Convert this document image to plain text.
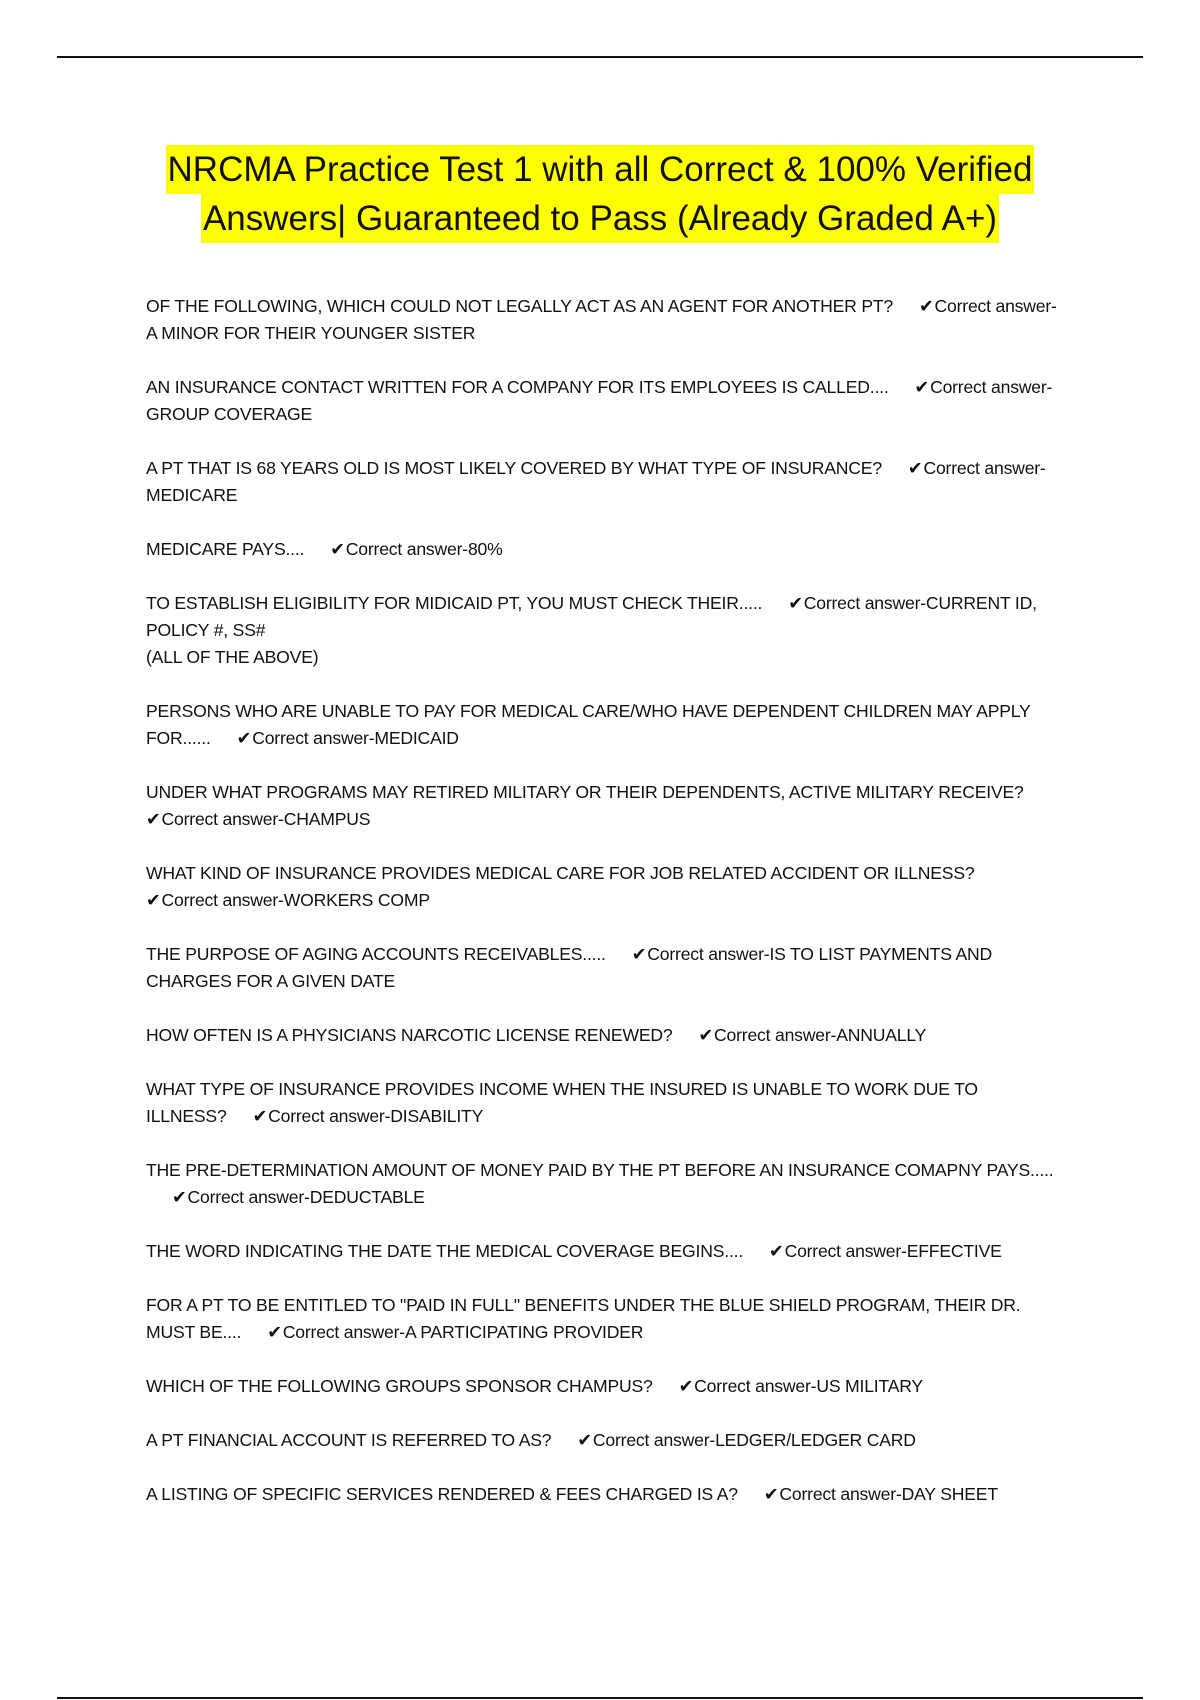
NRCMA Practice Test 1 with all Correct & 100% Verified
Answers| Guaranteed to Pass (Already Graded A+)
OF THE FOLLOWING, WHICH COULD NOT LEGALLY ACT AS AN AGENT FOR ANOTHER PT? ✔Correct answer-A MINOR FOR THEIR YOUNGER SISTER
AN INSURANCE CONTACT WRITTEN FOR A COMPANY FOR ITS EMPLOYEES IS CALLED.... ✔Correct answer-GROUP COVERAGE
A PT THAT IS 68 YEARS OLD IS MOST LIKELY COVERED BY WHAT TYPE OF INSURANCE? ✔Correct answer-MEDICARE
MEDICARE PAYS.... ✔Correct answer-80%
TO ESTABLISH ELIGIBILITY FOR MIDICAID PT, YOU MUST CHECK THEIR..... ✔Correct answer-CURRENT ID, POLICY #, SS#
(ALL OF THE ABOVE)
PERSONS WHO ARE UNABLE TO PAY FOR MEDICAL CARE/WHO HAVE DEPENDENT CHILDREN MAY APPLY FOR...... ✔Correct answer-MEDICAID
UNDER WHAT PROGRAMS MAY RETIRED MILITARY OR THEIR DEPENDENTS, ACTIVE MILITARY RECEIVE?✔Correct answer-CHAMPUS
WHAT KIND OF INSURANCE PROVIDES MEDICAL CARE FOR JOB RELATED ACCIDENT OR ILLNESS?✔Correct answer-WORKERS COMP
THE PURPOSE OF AGING ACCOUNTS RECEIVABLES..... ✔Correct answer-IS TO LIST PAYMENTS AND CHARGES FOR A GIVEN DATE
HOW OFTEN IS A PHYSICIANS NARCOTIC LICENSE RENEWED? ✔Correct answer-ANNUALLY
WHAT TYPE OF INSURANCE PROVIDES INCOME WHEN THE INSURED IS UNABLE TO WORK DUE TO ILLNESS? ✔Correct answer-DISABILITY
THE PRE-DETERMINATION AMOUNT OF MONEY PAID BY THE PT BEFORE AN INSURANCE COMAPNY PAYS.....✔Correct answer-DEDUCTABLE
THE WORD INDICATING THE DATE THE MEDICAL COVERAGE BEGINS.... ✔Correct answer-EFFECTIVE
FOR A PT TO BE ENTITLED TO "PAID IN FULL" BENEFITS UNDER THE BLUE SHIELD PROGRAM, THEIR DR. MUST BE.... ✔Correct answer-A PARTICIPATING PROVIDER
WHICH OF THE FOLLOWING GROUPS SPONSOR CHAMPUS? ✔Correct answer-US MILITARY
A PT FINANCIAL ACCOUNT IS REFERRED TO AS? ✔Correct answer-LEDGER/LEDGER CARD
A LISTING OF SPECIFIC SERVICES RENDERED & FEES CHARGED IS A? ✔Correct answer-DAY SHEET
